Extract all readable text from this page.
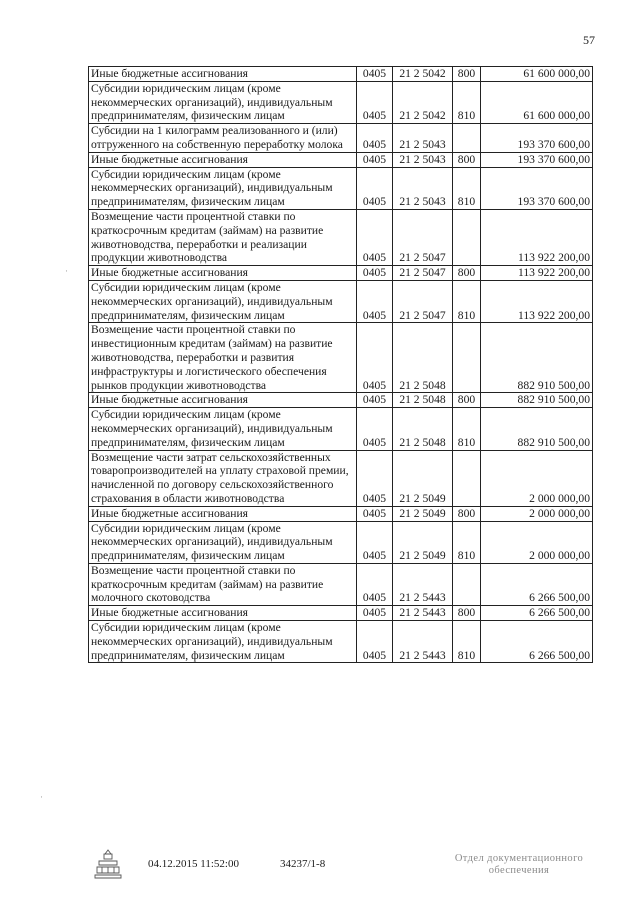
57
Иные бюджетные ассигнования	0405	21 2 5042	800	61 600 000,00
Субсидии юридическим лицам (кроме некоммерческих организаций), индивидуальным предпринимателям, физическим лицам	0405	21 2 5042	810	61 600 000,00
Субсидии на 1 килограмм реализованного и (или) отгруженного на собственную переработку молока	0405	21 2 5043		193 370 600,00
Иные бюджетные ассигнования	0405	21 2 5043	800	193 370 600,00
Субсидии юридическим лицам (кроме некоммерческих организаций), индивидуальным предпринимателям, физическим лицам	0405	21 2 5043	810	193 370 600,00
Возмещение части процентной ставки по краткосрочным кредитам (займам) на развитие животноводства, переработки и реализации продукции животноводства	0405	21 2 5047		113 922 200,00
Иные бюджетные ассигнования	0405	21 2 5047	800	113 922 200,00
Субсидии юридическим лицам (кроме некоммерческих организаций), индивидуальным предпринимателям, физическим лицам	0405	21 2 5047	810	113 922 200,00
Возмещение части процентной ставки по инвестиционным кредитам (займам) на развитие животноводства, переработки и развития инфраструктуры и логистического обеспечения рынков продукции животноводства	0405	21 2 5048		882 910 500,00
Иные бюджетные ассигнования	0405	21 2 5048	800	882 910 500,00
Субсидии юридическим лицам (кроме некоммерческих организаций), индивидуальным предпринимателям, физическим лицам	0405	21 2 5048	810	882 910 500,00
Возмещение части затрат сельскохозяйственных товаропроизводителей на уплату страховой премии, начисленной по договору сельскохозяйственного страхования в области животноводства	0405	21 2 5049		2 000 000,00
Иные бюджетные ассигнования	0405	21 2 5049	800	2 000 000,00
Субсидии юридическим лицам (кроме некоммерческих организаций), индивидуальным предпринимателям, физическим лицам	0405	21 2 5049	810	2 000 000,00
Возмещение части процентной ставки по краткосрочным кредитам (займам) на развитие молочного скотоводства	0405	21 2 5443		6 266 500,00
Иные бюджетные ассигнования	0405	21 2 5443	800	6 266 500,00
Субсидии юридическим лицам (кроме некоммерческих организаций), индивидуальным предпринимателям, физическим лицам	0405	21 2 5443	810	6 266 500,00
04.12.2015 11:52:00	34237/1-8	Отдел документационного
обеспечения
·
·
